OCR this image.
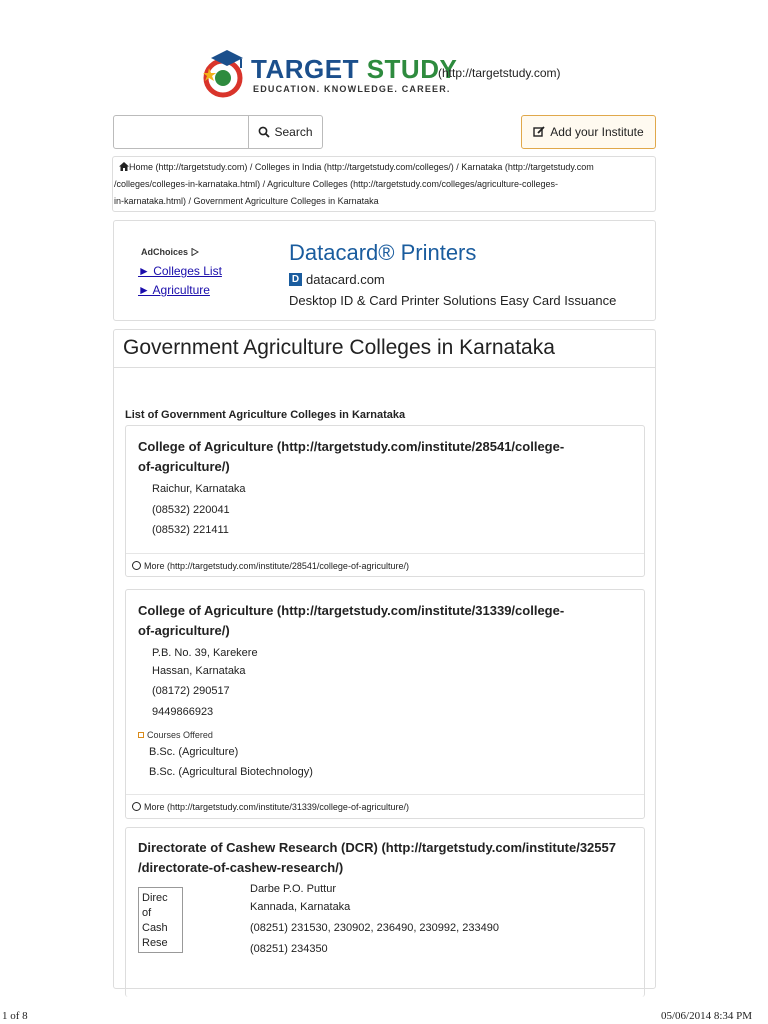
TARGET STUDY
EDUCATION. KNOWLEDGE. CAREER.
(http://targetstudy.com)
Search	Add your Institute
Home (http://targetstudy.com) / Colleges in India (http://targetstudy.com/colleges/) / Karnataka (http://targetstudy.com
/colleges/colleges-in-karnataka.html) / Agriculture Colleges (http://targetstudy.com/colleges/agriculture-colleges-
in-karnataka.html) / Government Agriculture Colleges in Karnataka
AdChoices
► Colleges List
► Agriculture
Datacard® Printers
D datacard.com
Desktop ID & Card Printer Solutions Easy Card Issuance
Government Agriculture Colleges in Karnataka
List of Government Agriculture Colleges in Karnataka
College of Agriculture (http://targetstudy.com/institute/28541/college-
of-agriculture/)
Raichur, Karnataka
(08532) 220041
(08532) 221411
More (http://targetstudy.com/institute/28541/college-of-agriculture/)
College of Agriculture (http://targetstudy.com/institute/31339/college-
of-agriculture/)
P.B. No. 39, Karekere
Hassan, Karnataka
(08172) 290517
9449866923
Courses Offered
B.Sc. (Agriculture)
B.Sc. (Agricultural Biotechnology)
More (http://targetstudy.com/institute/31339/college-of-agriculture/)
Directorate of Cashew Research (DCR) (http://targetstudy.com/institute/32557
/directorate-of-cashew-research/)
Direc
of
Cash
Rese
Darbe P.O. Puttur
Kannada, Karnataka
(08251) 231530, 230902, 236490, 230992, 233490
(08251) 234350
1 of 8	05/06/2014 8:34 PM
